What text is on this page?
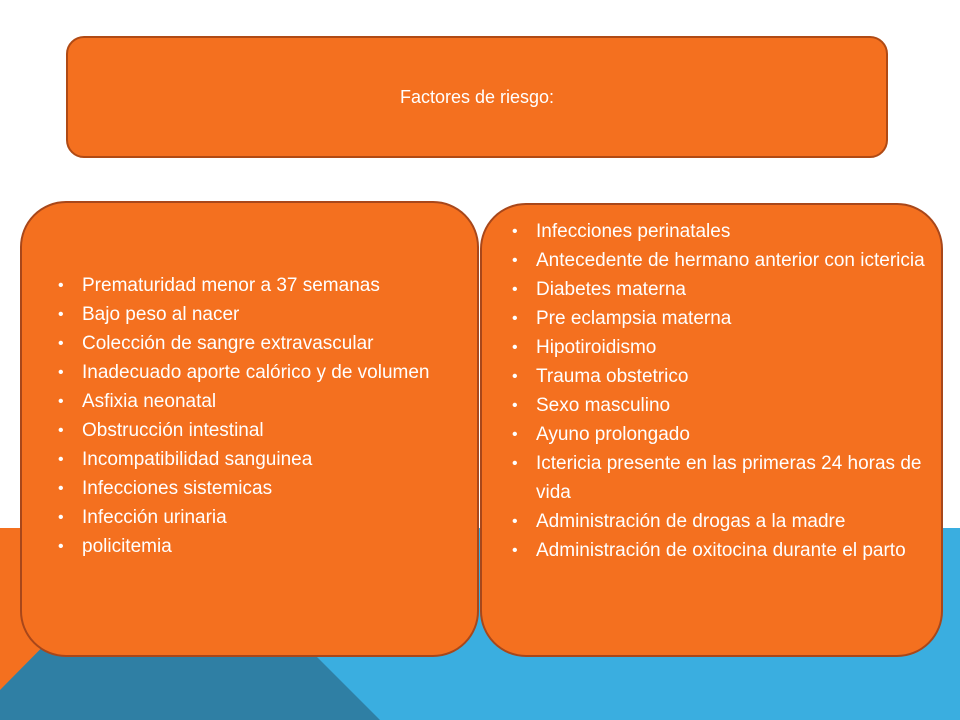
Factores de riesgo:
• Prematuridad menor a 37 semanas
• Bajo peso al nacer
• Colección de sangre extravascular
• Inadecuado aporte calórico y de volumen
• Asfixia neonatal
• Obstrucción intestinal
• Incompatibilidad sanguinea
• Infecciones sistemicas
• Infección urinaria
• policitemia
• Infecciones perinatales
• Antecedente de hermano anterior con ictericia
• Diabetes materna
• Pre eclampsia materna
• Hipotiroidismo
• Trauma obstetrico
• Sexo masculino
• Ayuno prolongado
• Ictericia presente en las primeras 24 horas de vida
• Administración de drogas a la madre
• Administración de oxitocina durante el parto
